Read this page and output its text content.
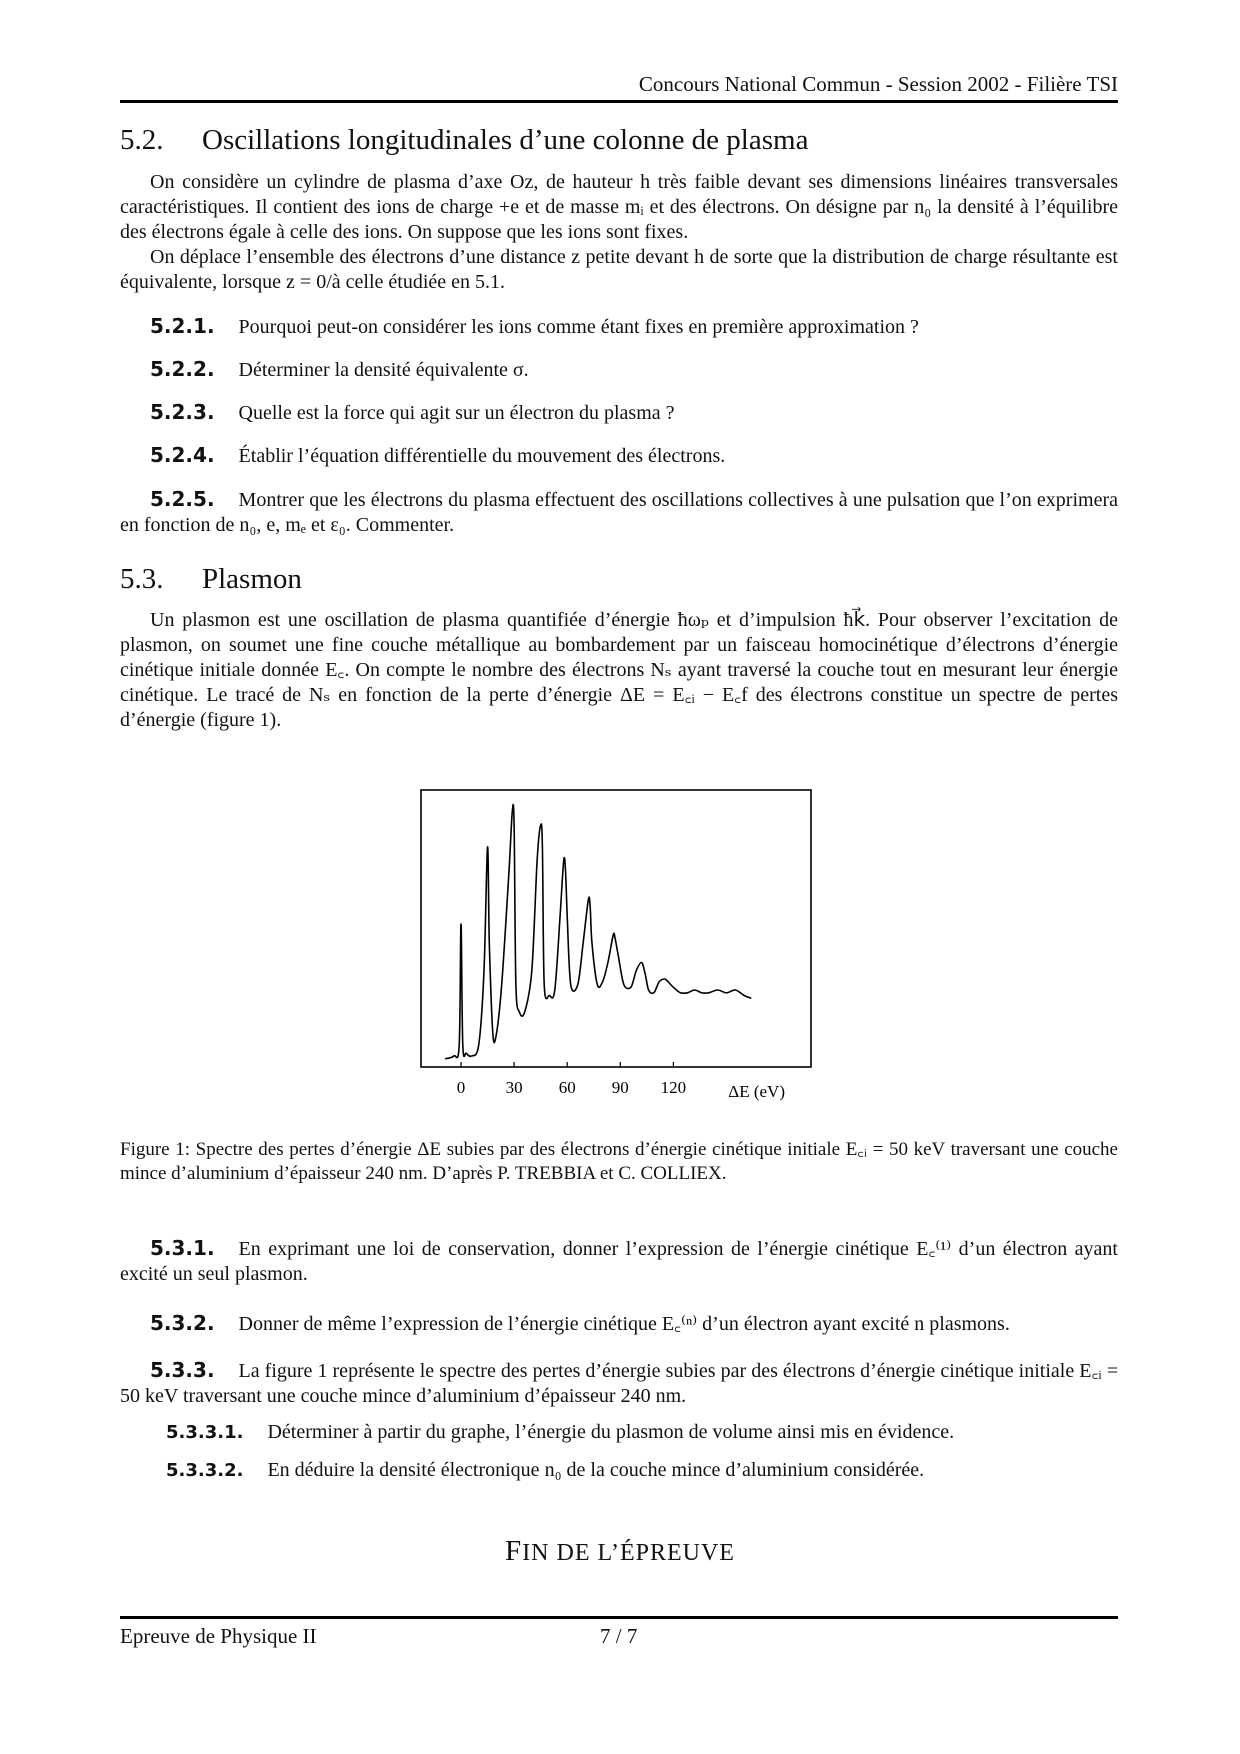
Concours National Commun - Session 2002 - Filière TSI
5.2. Oscillations longitudinales d’une colonne de plasma
On considère un cylindre de plasma d’axe Oz, de hauteur h très faible devant ses dimensions linéaires transversales caractéristiques. Il contient des ions de charge +e et de masse mᵢ et des électrons. On désigne par n₀ la densité à l’équilibre des électrons égale à celle des ions. On suppose que les ions sont fixes.
On déplace l’ensemble des électrons d’une distance z petite devant h de sorte que la distribution de charge résultante est équivalente, lorsque z = 0/à celle étudiée en 5.1.
5.2.1. Pourquoi peut-on considérer les ions comme étant fixes en première approximation ?
5.2.2. Déterminer la densité équivalente σ.
5.2.3. Quelle est la force qui agit sur un électron du plasma ?
5.2.4. Établir l’équation différentielle du mouvement des électrons.
5.2.5. Montrer que les électrons du plasma effectuent des oscillations collectives à une pulsation que l’on exprimera en fonction de n₀, e, mₑ et ε₀. Commenter.
5.3. Plasmon
Un plasmon est une oscillation de plasma quantifiée d’énergie ħωₚ et d’impulsion ħk⃗. Pour observer l’excitation de plasmon, on soumet une fine couche métallique au bombardement par un faisceau homocinétique d’électrons d’énergie cinétique initiale donnée E꜀. On compte le nombre des électrons Nₛ ayant traversé la couche tout en mesurant leur énergie cinétique. Le tracé de Nₛ en fonction de la perte d’énergie ΔE = E꜀ᵢ − E꜀f des électrons constitue un spectre de pertes d’énergie (figure 1).
0 30 60 90 120 ΔE (eV)
Figure 1: Spectre des pertes d’énergie ΔE subies par des électrons d’énergie cinétique initiale E꜀ᵢ = 50 keV traversant une couche mince d’aluminium d’épaisseur 240 nm. D’après P. TREBBIA et C. COLLIEX.
5.3.1. En exprimant une loi de conservation, donner l’expression de l’énergie cinétique E꜀⁽¹⁾ d’un électron ayant excité un seul plasmon.
5.3.2. Donner de même l’expression de l’énergie cinétique E꜀⁽ⁿ⁾ d’un électron ayant excité n plasmons.
5.3.3. La figure 1 représente le spectre des pertes d’énergie subies par des électrons d’énergie cinétique initiale E꜀ᵢ = 50 keV traversant une couche mince d’aluminium d’épaisseur 240 nm.
5.3.3.1. Déterminer à partir du graphe, l’énergie du plasmon de volume ainsi mis en évidence.
5.3.3.2. En déduire la densité électronique n₀ de la couche mince d’aluminium considérée.
FIN DE L’ÉPREUVE
Epreuve de Physique II	7 / 7
